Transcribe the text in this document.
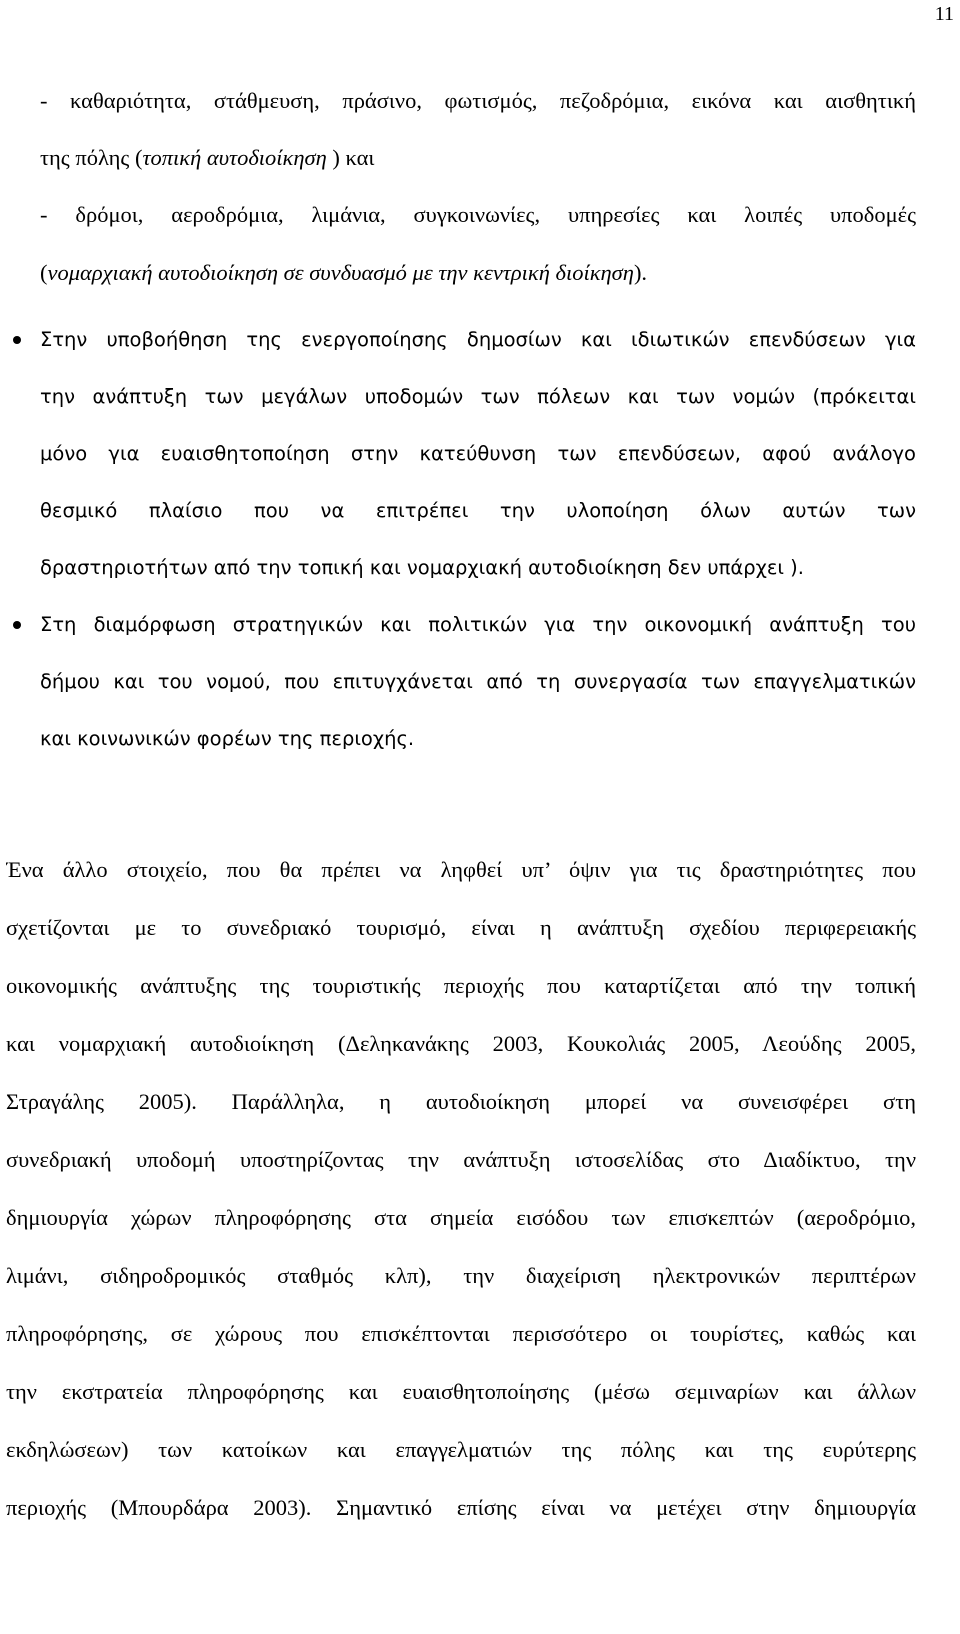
11
- καθαριότητα, στάθμευση, πράσινο, φωτισμός, πεζοδρόμια, εικόνα και αισθητική
της πόλης (τοπική αυτοδιοίκηση ) και
- δρόμοι, αεροδρόμια, λιμάνια, συγκοινωνίες, υπηρεσίες και λοιπές υποδομές
(νομαρχιακή αυτοδιοίκηση σε συνδυασμό με την κεντρική διοίκηση).
Στην υποβοήθηση της ενεργοποίησης δημοσίων και ιδιωτικών επενδύσεων για
την ανάπτυξη των μεγάλων υποδομών των πόλεων και των νομών (πρόκειται
μόνο για ευαισθητοποίηση στην κατεύθυνση των επενδύσεων, αφού ανάλογο
θεσμικό πλαίσιο που να επιτρέπει την υλοποίηση όλων αυτών των
δραστηριοτήτων από την τοπική και νομαρχιακή αυτοδιοίκηση δεν υπάρχει ).
Στη διαμόρφωση στρατηγικών και πολιτικών για την οικονομική ανάπτυξη του
δήμου και του νομού, που επιτυγχάνεται από τη συνεργασία των επαγγελματικών
και κοινωνικών φορέων της περιοχής.
Ένα άλλο στοιχείο, που θα πρέπει να ληφθεί υπ’ όψιν για τις δραστηριότητες που
σχετίζονται με το συνεδριακό τουρισμό, είναι η ανάπτυξη σχεδίου περιφερειακής
οικονομικής ανάπτυξης της τουριστικής περιοχής που καταρτίζεται από την τοπική
και νομαρχιακή αυτοδιοίκηση (Δεληκανάκης 2003, Κουκολιάς 2005, Λεούδης 2005,
Στραγάλης 2005). Παράλληλα, η αυτοδιοίκηση μπορεί να συνεισφέρει στη
συνεδριακή υποδομή υποστηρίζοντας την ανάπτυξη ιστοσελίδας στο Διαδίκτυο, την
δημιουργία χώρων πληροφόρησης στα σημεία εισόδου των επισκεπτών (αεροδρόμιο,
λιμάνι, σιδηροδρομικός σταθμός κλπ), την διαχείριση ηλεκτρονικών περιπτέρων
πληροφόρησης, σε χώρους που επισκέπτονται περισσότερο οι τουρίστες, καθώς και
την εκστρατεία πληροφόρησης και ευαισθητοποίησης (μέσω σεμιναρίων και άλλων
εκδηλώσεων) των κατοίκων και επαγγελματιών της πόλης και της ευρύτερης
περιοχής (Μπουρδάρα 2003). Σημαντικό επίσης είναι να μετέχει στην δημιουργία
